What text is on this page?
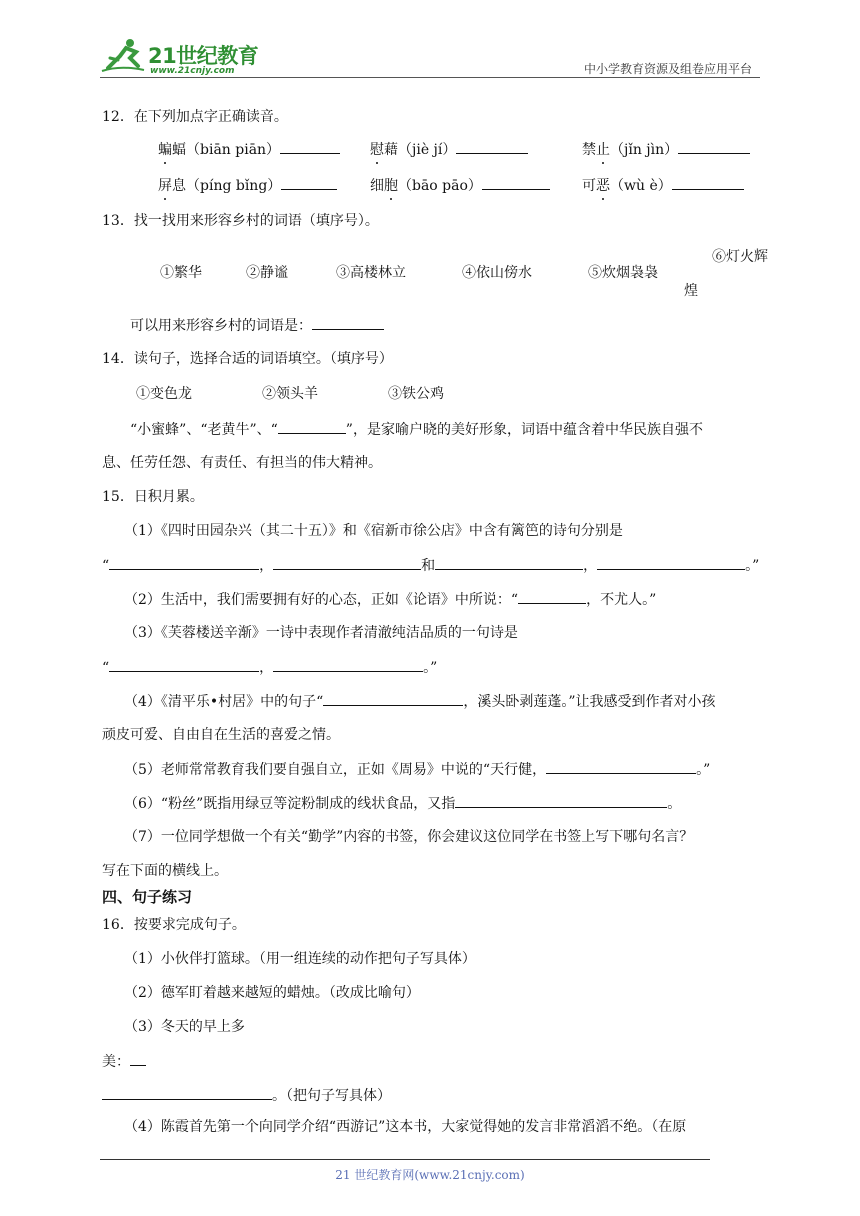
21世纪教育
www.21cnjy.com	中小学教育资源及组卷应用平台
12．在下列加点字正确读音。
蝙蝠（biān piān）	慰藉（jiè jí）	禁止（jǐn jìn）
屏息（píng bǐng）	细胞（bāo pāo）	可恶（wù è）
13．找一找用来形容乡村的词语（填序号）。
①繁华	②静谧	③高楼林立	④依山傍水	⑤炊烟袅袅
⑥灯火辉
煌
可以用来形容乡村的词语是：
14．读句子，选择合适的词语填空。（填序号）
①变色龙	②领头羊	③铁公鸡
“小蜜蜂”、“老黄牛”、“	”，是家喻户晓的美好形象，词语中蕴含着中华民族自强不
息、任劳任怨、有责任、有担当的伟大精神。
15．日积月累。
（1）《四时田园杂兴（其二十五）》和《宿新市徐公店》中含有篱笆的诗句分别是
“	，	和	，	。”
（2）生活中，我们需要拥有好的心态，正如《论语》中所说：“	，不尤人。”
（3）《芙蓉楼送辛渐》一诗中表现作者清澈纯洁品质的一句诗是
“	，	。”
（4）《清平乐•村居》中的句子“	，溪头卧剥莲蓬。”让我感受到作者对小孩
顽皮可爱、自由自在生活的喜爱之情。
（5）老师常常教育我们要自强自立，正如《周易》中说的“天行健，	。”
（6）“粉丝”既指用绿豆等淀粉制成的线状食品，又指	。
（7）一位同学想做一个有关“勤学”内容的书签，你会建议这位同学在书签上写下哪句名言？
写在下面的横线上。
四、句子练习
16．按要求完成句子。
（1）小伙伴打篮球。（用一组连续的动作把句子写具体）
（2）德军盯着越来越短的蜡烛。（改成比喻句）
（3）冬天的早上多
美：
。（把句子写具体）
（4）陈霞首先第一个向同学介绍“西游记”这本书，大家觉得她的发言非常滔滔不绝。（在原
21 世纪教育网(www.21cnjy.com)
